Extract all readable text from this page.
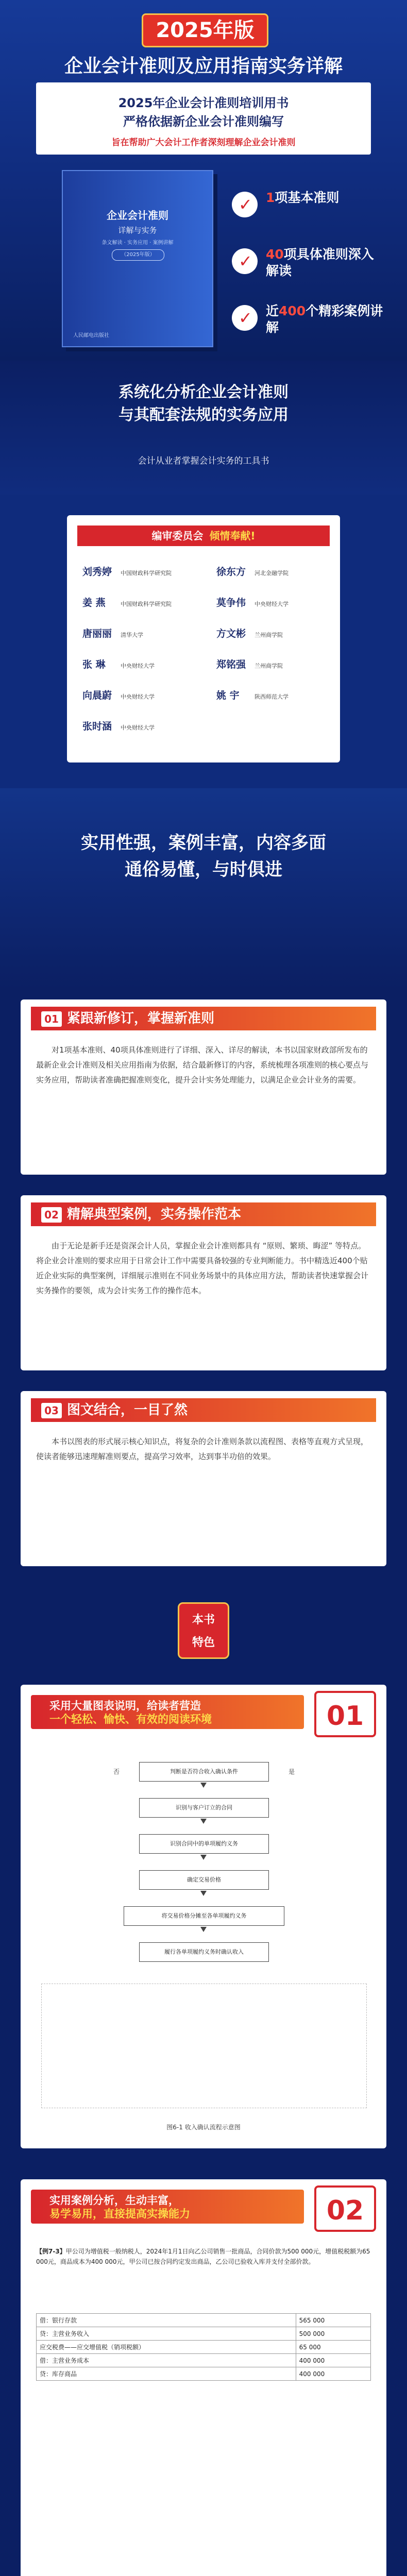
2025年版
企业会计准则及应用指南实务详解
2025年企业会计准则培训用书
严格依据新企业会计准则编写
旨在帮助广大会计工作者深刻理解企业会计准则
企业会计准则
详解与实务
条文解读 · 实务应用 · 案例讲解
（2025年版）
人民邮电出版社
✓
1项基本准则
✓
40项具体准则深入解读
✓
近400个精彩案例讲解
系统化分析企业会计准则
与其配套法规的实务应用
会计从业者掌握会计实务的工具书
编审委员会 倾情奉献!
刘秀婷 中国财政科学研究院	徐东方 河北金融学院
姜 燕	中国财政科学研究院	莫争伟 中央财经大学
唐丽丽 清华大学	方文彬 兰州商学院
张 琳	中央财经大学	郑铭强 兰州商学院
向晨蔚 中央财经大学	姚 宇	陕西师范大学
张时涵 中央财经大学
实用性强，案例丰富，内容多面
通俗易懂，与时俱进
01 紧跟新修订，掌握新准则
对1项基本准则、40项具体准则进行了详细、深入、详尽的解读，本书以国家财政部所发布的最新企业会计准则及相关应用指南为依据，结合最新修订的内容，系统梳理各项准则的核心要点与实务应用，帮助读者准确把握准则变化，提升会计实务处理能力，以满足企业会计业务的需要。
02 精解典型案例，实务操作范本
由于无论是新手还是资深会计人员，掌握企业会计准则都具有 “原则、繁琐、晦涩” 等特点。将企业会计准则的要求应用于日常会计工作中需要具备较强的专业判断能力。书中精选近400个贴近企业实际的典型案例，详细展示准则在不同业务场景中的具体应用方法，帮助读者快速掌握会计实务操作的要领，成为会计实务工作的操作范本。
03 图文结合，一目了然
本书以图表的形式展示核心知识点，将复杂的会计准则条款以流程图、表格等直观方式呈现，使读者能够迅速理解准则要点，提高学习效率，达到事半功倍的效果。
本书
特色
采用大量图表说明，给读者营造
一个轻松、愉快、有效的阅读环境	01
判断是否符合收入确认条件
识别与客户订立的合同
识别合同中的单项履约义务
确定交易价格
将交易价格分摊至各单项履约义务
履行各单项履约义务时确认收入
是
否
图6-1 收入确认流程示意图
实用案例分析，生动丰富，
易学易用，直接提高实操能力	02
【例7-3】甲公司为增值税一般纳税人，2024年1月1日向乙公司销售一批商品，合同价款为500 000元，增值税税额为65 000元，商品成本为400 000元，甲公司已按合同约定发出商品，乙公司已验收入库并支付全部价款。
借：银行存款	565 000
贷：主营业务收入	500 000
应交税费——应交增值税（销项税额）	65 000
借：主营业务成本	400 000
贷：库存商品	400 000
